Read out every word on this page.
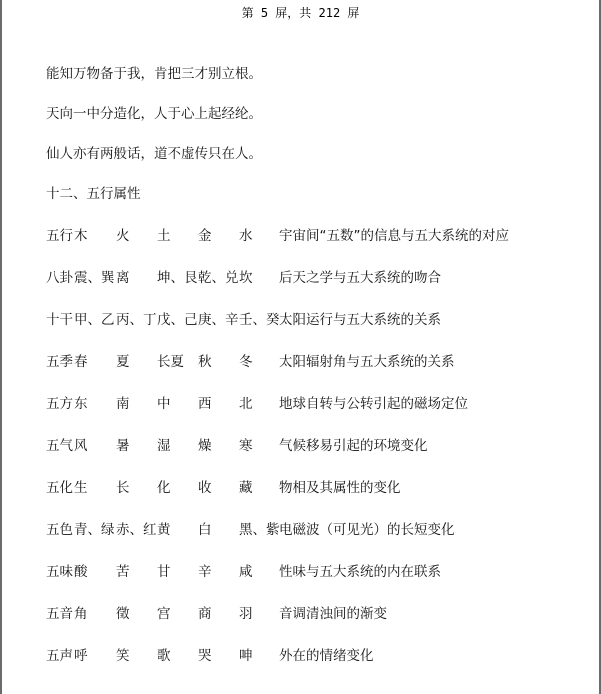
第 5 屏，共 212 屏
能知万物备于我，肯把三才别立根。
天向一中分造化，人于心上起经纶。
仙人亦有两般话，道不虚传只在人。
十二、五行属性
五行 木 火 土 金 水 宇宙间“五数”的信息与五大系统的对应
八卦 震、巽 离 坤、艮 乾、兑 坎 后天之学与五大系统的吻合
十干 甲、乙 丙、丁 戊、己 庚、辛 壬、癸 太阳运行与五大系统的关系
五季 春 夏 长夏 秋 冬 太阳辐射角与五大系统的关系
五方 东 南 中 西 北 地球自转与公转引起的磁场定位
五气 风 暑 湿 燥 寒 气候移易引起的环境变化
五化 生 长 化 收 藏 物相及其属性的变化
五色 青、绿 赤、红 黄 白 黑、紫 电磁波（可见光）的长短变化
五味 酸 苦 甘 辛 咸 性味与五大系统的内在联系
五音 角 徵 宫 商 羽 音调清浊间的渐变
五声 呼 笑 歌 哭 呻 外在的情绪变化
